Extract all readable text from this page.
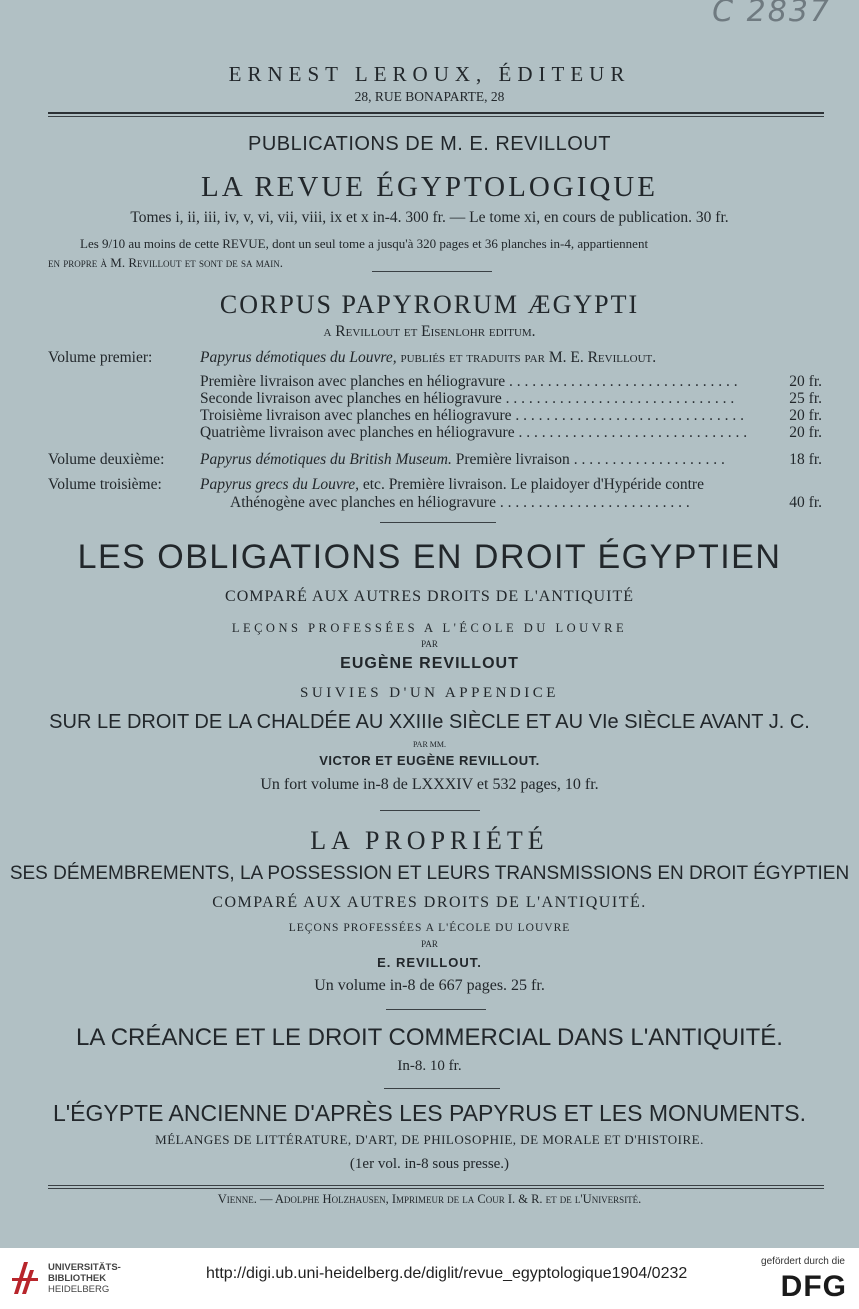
C 2837
ERNEST LEROUX, ÉDITEUR
28, RUE BONAPARTE, 28
PUBLICATIONS DE M. E. REVILLOUT
LA REVUE ÉGYPTOLOGIQUE
Tomes i, ii, iii, iv, v, vi, vii, viii, ix et x in-4. 300 fr. — Le tome xi, en cours de publication. 30 fr.
Les 9/10 au moins de cette REVUE, dont un seul tome a jusqu'à 320 pages et 36 planches in-4, appartiennent
en propre à M. Revillout et sont de sa main.
CORPUS PAPYRORUM ÆGYPTI
a Revillout et Eisenlohr editum.
Volume premier:	Papyrus démotiques du Louvre, publiés et traduits par M. E. Revillout.
Première livraison avec planches en héliogravure . . . . . . . . . . . . . . . . . . . . . . . . . . . . . .	20 fr.
Seconde livraison avec planches en héliogravure . . . . . . . . . . . . . . . . . . . . . . . . . . . . . .	25 fr.
Troisième livraison avec planches en héliogravure . . . . . . . . . . . . . . . . . . . . . . . . . . . . . .	20 fr.
Quatrième livraison avec planches en héliogravure . . . . . . . . . . . . . . . . . . . . . . . . . . . . . .	20 fr.
Volume deuxième: Papyrus démotiques du British Museum. Première livraison . . . . . . . . . . . . . . . . . . . .	18 fr.
Volume troisième: Papyrus grecs du Louvre, etc. Première livraison. Le plaidoyer d'Hypéride contre
Athénogène avec planches en héliogravure . . . . . . . . . . . . . . . . . . . . . . . . .	40 fr.
LES OBLIGATIONS EN DROIT ÉGYPTIEN
COMPARÉ AUX AUTRES DROITS DE L'ANTIQUITÉ
LEÇONS PROFESSÉES A L'ÉCOLE DU LOUVRE
PAR
EUGÈNE REVILLOUT
SUIVIES D'UN APPENDICE
SUR LE DROIT DE LA CHALDÉE AU XXIIIe SIÈCLE ET AU VIe SIÈCLE AVANT J. C.
PAR MM.
VICTOR ET EUGÈNE REVILLOUT.
Un fort volume in-8 de LXXXIV et 532 pages, 10 fr.
LA PROPRIÉTÉ
SES DÉMEMBREMENTS, LA POSSESSION ET LEURS TRANSMISSIONS EN DROIT ÉGYPTIEN
COMPARÉ AUX AUTRES DROITS DE L'ANTIQUITÉ.
LEÇONS PROFESSÉES A L'ÉCOLE DU LOUVRE
PAR
E. REVILLOUT.
Un volume in-8 de 667 pages. 25 fr.
LA CRÉANCE ET LE DROIT COMMERCIAL DANS L'ANTIQUITÉ.
In-8. 10 fr.
L'ÉGYPTE ANCIENNE D'APRÈS LES PAPYRUS ET LES MONUMENTS.
MÉLANGES DE LITTÉRATURE, D'ART, DE PHILOSOPHIE, DE MORALE ET D'HISTOIRE.
(1er vol. in-8 sous presse.)
Vienne. — Adolphe Holzhausen, Imprimeur de la Cour I. & R. et de l'Université.
UNIVERSITÄTS-
BIBLIOTHEK
HEIDELBERG
http://digi.ub.uni-heidelberg.de/diglit/revue_egyptologique1904/0232
gefördert durch die
DFG
